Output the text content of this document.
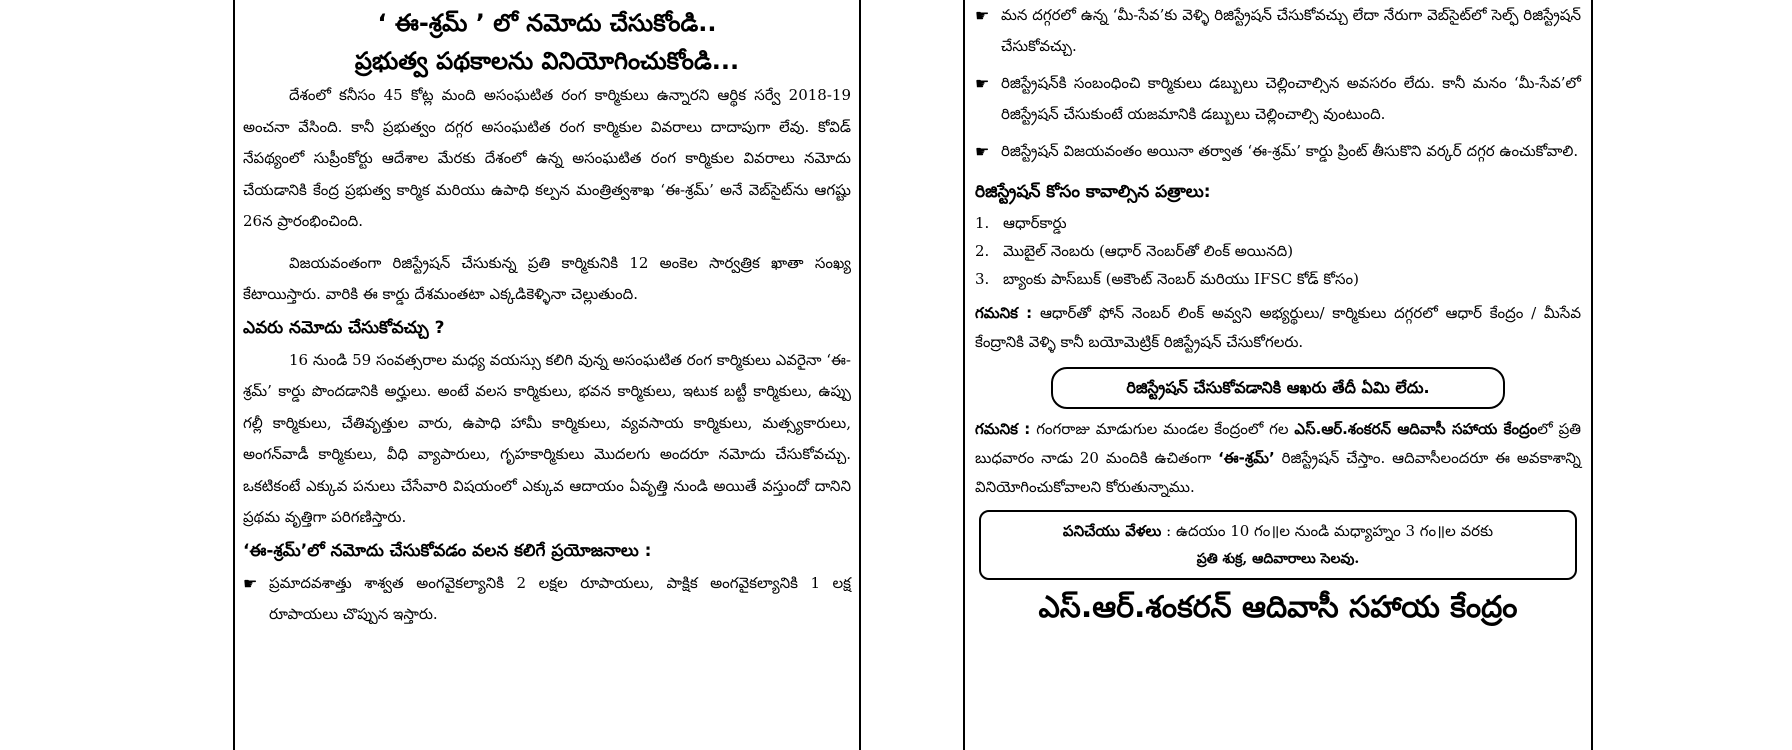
‘ ఈ-శ్రమ్ ’ లో నమోదు చేసుకోండి..
ప్రభుత్వ పథకాలను వినియోగించుకోండి...

దేశంలో కనీసం 45 కోట్ల మంది అసంఘటిత రంగ కార్మికులు ఉన్నారని ఆర్థిక సర్వే 2018-19 అంచనా వేసింది. కానీ ప్రభుత్వం దగ్గర అసంఘటిత రంగ కార్మికుల వివరాలు దాదాపుగా లేవు. కోవిడ్ నేపథ్యంలో సుప్రీంకోర్టు ఆదేశాల మేరకు దేశంలో ఉన్న అసంఘటిత రంగ కార్మికుల వివరాలు నమోదు చేయడానికి కేంద్ర ప్రభుత్వ కార్మిక మరియు ఉపాధి కల్పన మంత్రిత్వశాఖ ‘ఈ-శ్రమ్’ అనే వెబ్‌సైట్‌ను ఆగష్టు 26న ప్రారంభించింది.

విజయవంతంగా రిజిస్ట్రేషన్ చేసుకున్న ప్రతి కార్మికునికి 12 అంకెల సార్వత్రిక ఖాతా సంఖ్య కేటాయిస్తారు. వారికి ఈ కార్డు దేశమంతటా ఎక్కడికెళ్ళినా చెల్లుతుంది.

ఎవరు నమోదు చేసుకోవచ్చు ?

16 నుండి 59 సంవత్సరాల మధ్య వయస్సు కలిగి వున్న అసంఘటిత రంగ కార్మికులు ఎవరైనా ‘ఈ-శ్రమ్’ కార్డు పొందడానికి అర్హులు. అంటే వలస కార్మికులు, భవన కార్మికులు, ఇటుక బట్టీ కార్మికులు, ఉప్పు గల్లీ కార్మికులు, చేతివృత్తుల వారు, ఉపాధి హామీ కార్మికులు, వ్యవసాయ కార్మికులు, మత్స్యకారులు, అంగన్‌వాడీ కార్మికులు, వీధి వ్యాపారులు, గృహకార్మికులు మొదలగు అందరూ నమోదు చేసుకోవచ్చు. ఒకటికంటే ఎక్కువ పనులు చేసేవారి విషయంలో ఎక్కువ ఆదాయం ఏవృత్తి నుండి అయితే వస్తుందో దానిని ప్రథమ వృత్తిగా పరిగణిస్తారు.

‘ఈ-శ్రమ్’లో నమోదు చేసుకోవడం వలన కలిగే ప్రయోజనాలు :
☛ ప్రమాదవశాత్తు శాశ్వత అంగవైకల్యానికి 2 లక్షల రూపాయలు, పాక్షిక అంగవైకల్యానికి 1 లక్ష రూపాయలు చొప్పున ఇస్తారు.
☛ మన దగ్గరలో ఉన్న ‘మీ-సేవ’కు వెళ్ళి రిజిస్ట్రేషన్ చేసుకోవచ్చు లేదా నేరుగా వెబ్‌సైట్‌లో సెల్ఫ్ రిజిస్ట్రేషన్ చేసుకోవచ్చు.
☛ రిజిస్ట్రేషన్‌కి సంబంధించి కార్మికులు డబ్బులు చెల్లించాల్సిన అవసరం లేదు. కానీ మనం ‘మీ-సేవ’లో రిజిస్ట్రేషన్ చేసుకుంటే యజమానికి డబ్బులు చెల్లించాల్సి వుంటుంది.
☛ రిజిస్ట్రేషన్ విజయవంతం అయినా తర్వాత ‘ఈ-శ్రమ్’ కార్డు ప్రింట్ తీసుకొని వర్కర్ దగ్గర ఉంచుకోవాలి.
రిజిస్ట్రేషన్ కోసం కావాల్సిన పత్రాలు:
1. ఆధార్‌కార్డు
2. మొబైల్ నెంబరు (ఆధార్ నెంబర్‌తో లింక్ అయినది)
3. బ్యాంకు పాస్‌బుక్ (అకౌంట్ నెంబర్ మరియు IFSC కోడ్ కోసం)

గమనిక : ఆధార్‌తో ఫోన్ నెంబర్ లింక్ అవ్వని అభ్యర్థులు/ కార్మికులు దగ్గరలో ఆధార్ కేంద్రం / మీసేవ కేంద్రానికి వెళ్ళి కానీ బయోమెట్రిక్ రిజిస్ట్రేషన్ చేసుకోగలరు.

రిజిస్ట్రేషన్ చేసుకోవడానికి ఆఖరు తేదీ ఏమి లేదు.

గమనిక : గంగరాజు మాడుగుల మండల కేంద్రంలో గల ఎస్.ఆర్.శంకరన్ ఆదివాసీ సహాయ కేంద్రంలో ప్రతి బుధవారం నాడు 20 మందికి ఉచితంగా ‘ఈ-శ్రమ్’ రిజిస్ట్రేషన్ చేస్తాం. ఆదివాసీలందరూ ఈ అవకాశాన్ని వినియోగించుకోవాలని కోరుతున్నాము.

పనిచేయు వేళలు : ఉదయం 10 గం॥ల నుండి మధ్యాహ్నం 3 గం॥ల వరకు
ప్రతి శుక్ర, ఆదివారాలు సెలవు.
ఎస్.ఆర్.శంకరన్ ఆదివాసీ సహాయ కేంద్రం
